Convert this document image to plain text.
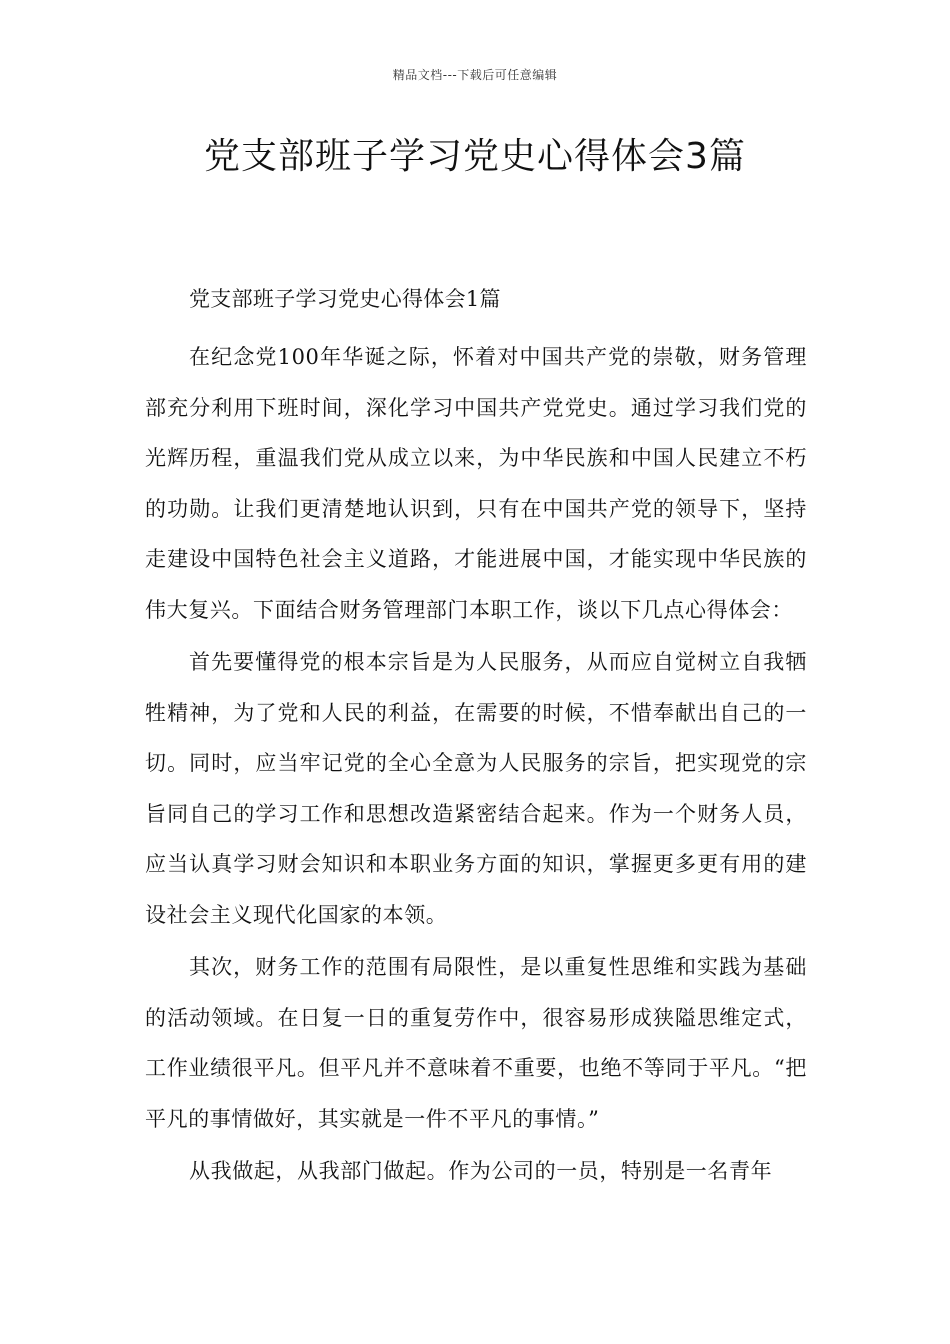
精品文档---下载后可任意编辑
党支部班子学习党史心得体会3篇

党支部班子学习党史心得体会1篇

在纪念党100年华诞之际，怀着对中国共产党的崇敬，财务管理部充分利用下班时间，深化学习中国共产党党史。通过学习我们党的光辉历程，重温我们党从成立以来，为中华民族和中国人民建立不朽的功勋。让我们更清楚地认识到，只有在中国共产党的领导下，坚持走建设中国特色社会主义道路，才能进展中国，才能实现中华民族的伟大复兴。下面结合财务管理部门本职工作，谈以下几点心得体会：

首先要懂得党的根本宗旨是为人民服务，从而应自觉树立自我牺牲精神，为了党和人民的利益，在需要的时候，不惜奉献出自己的一切。同时，应当牢记党的全心全意为人民服务的宗旨，把实现党的宗旨同自己的学习工作和思想改造紧密结合起来。作为一个财务人员，应当认真学习财会知识和本职业务方面的知识，掌握更多更有用的建设社会主义现代化国家的本领。

其次，财务工作的范围有局限性，是以重复性思维和实践为基础的活动领域。在日复一日的重复劳作中，很容易形成狭隘思维定式，工作业绩很平凡。但平凡并不意味着不重要，也绝不等同于平凡。“把平凡的事情做好，其实就是一件不平凡的事情。”

从我做起，从我部门做起。作为公司的一员，特别是一名青年
